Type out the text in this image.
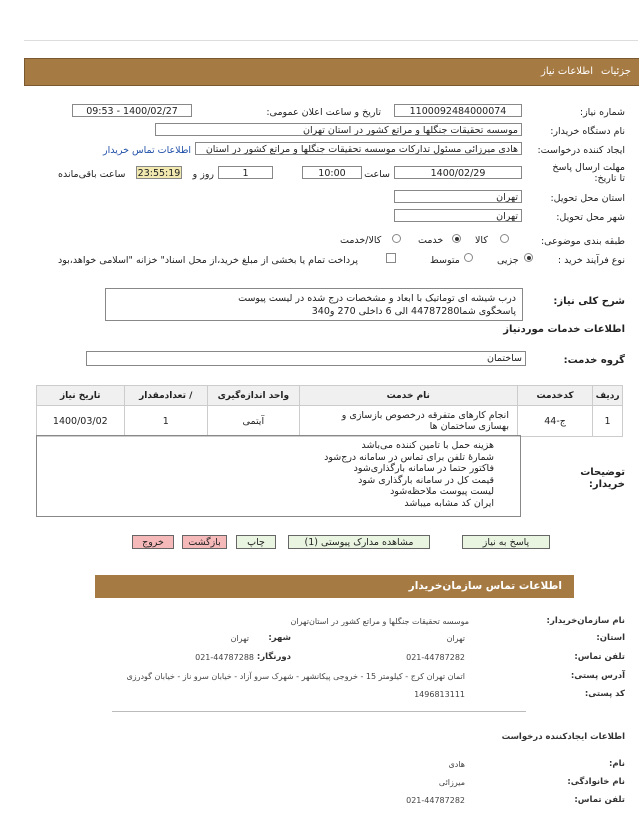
جزئیات
اطلاعات نیاز
شماره نیاز:
1100092484000074
تاریخ و ساعت اعلان عمومی:
1400/02/27 - 09:53
نام دستگاه خریدار:
موسسه تحقیقات جنگلها و مراتع کشور در استان تهران
ایجاد کننده درخواست:
هادی میرزائی مسئول تدارکات موسسه تحقیقات جنگلها و مراتع کشور در استان
اطلاعات تماس خریدار
مهلت ارسال پاسخ تا تاریخ:
1400/02/29
ساعت
10:00
1
روز و
23:55:19
ساعت باقی‌مانده
استان محل تحویل:
تهران
شهر محل تحویل:
تهران
طبقه بندی موضوعی:
کالا
خدمت
کالا/خدمت
نوع فرآیند خرید :
جزیی
متوسط
پرداخت تمام یا بخشی از مبلغ خرید،از محل اسناد" خزانه "اسلامی خواهد،بود
درب شیشه ای توماتیک با ابعاد و مشخصات درج شده در لیست پیوست
پاسخگوی شما44787280 الی 6 داخلی 270 و340
شرح کلی نیاز:
اطلاعات خدمات موردنیاز
گروه خدمت:
ساختمان
ردیف	کدخدمت	نام خدمت	واحد اندازه‌گیری	/ تعدادمقدار	تاریخ نیاز
1	ج-44	انجام کارهای متفرقه درخصوص بازسازی و
بهسازی ساختمان ها	آیتمی	1	1400/03/02
هزینه حمل با تامین کننده می‌باشد
شمارۀ تلفن برای تماس در سامانه درج‌شود
فاکتور حتما در سامانه بارگذاری‌شود
قیمت کل در سامانه بارگذاری شود
لیست پیوست ملاحظه‌شود
ایران کد مشابه میباشد
توضیحات خریدار:
پاسخ به نیاز
مشاهده مدارک پیوستی (1)
چاپ
بازگشت
خروج
اطلاعات تماس سازمان‌خریدار
نام سازمان‌خریدار:
موسسه تحقیقات جنگلها و مراتع کشور در استان‌تهران
استان:
تهران
شهر:
تهران
تلفن تماس:
021-44787282
دورنگار:
021-44787288
آدرس پستی:
اتمان تهران کرج - کیلومتر 15 - خروجی پیکانشهر - شهرک سرو آزاد - خیابان سرو ناز - خیابان گودرزی
کد پستی:
1496813111
اطلاعات ایجادکننده درخواست
نام:
هادی
نام خانوادگی:
میرزائی
تلفن تماس:
021-44787282
